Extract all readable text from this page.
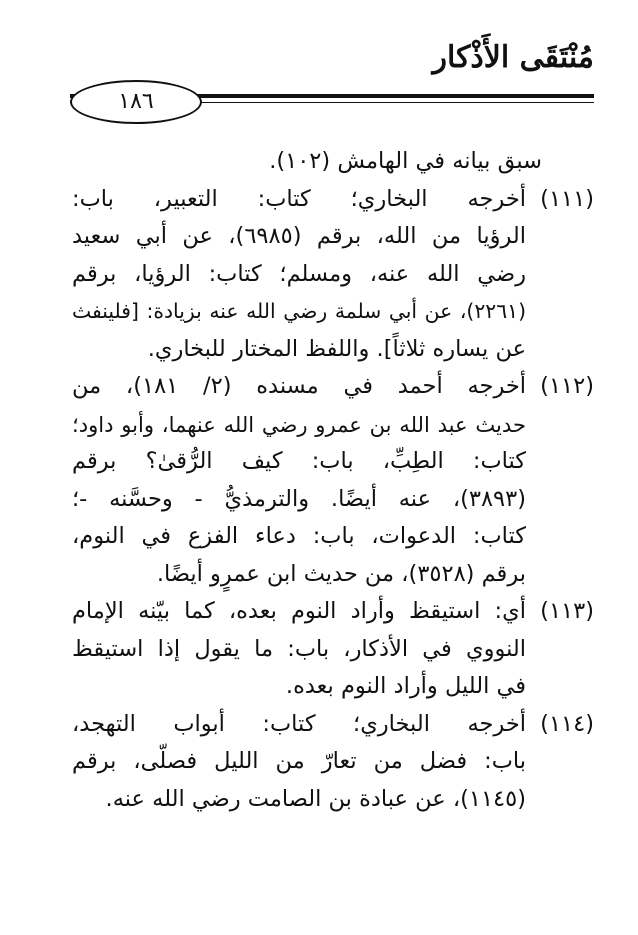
مُنْتَقَى الأَذْكار
١٨٦
سبق بيانه في الهامش (١٠٢).
(١١١)
أخرجه البخاري؛ كتاب: التعبير، باب:
الرؤيا من الله، برقم (٦٩٨٥)، عن أبي سعيد
رضي الله عنه، ومسلم؛ كتاب: الرؤيا، برقم
(٢٢٦١)، عن أبي سلمة رضي الله عنه بزيادة: [فلينفث
عن يساره ثلاثاً]. واللفظ المختار للبخاري.
(١١٢)
أخرجه أحمد في مسنده (٢/ ١٨١)، من
حديث عبد الله بن عمرو رضي الله عنهما، وأبو داود؛
كتاب: الطِبِّ، باب: كيف الرُّقىٰ؟ برقم
(٣٨٩٣)، عنه أيضًا. والترمذيُّ - وحسَّنه -؛
كتاب: الدعوات، باب: دعاء الفزع في النوم،
برقم (٣٥٢٨)، من حديث ابن عمرٍو أيضًا.
(١١٣)
أي: استيقظ وأراد النوم بعده، كما بيّنه الإمام
النووي في الأذكار، باب: ما يقول إذا استيقظ
في الليل وأراد النوم بعده.
(١١٤)
أخرجه البخاري؛ كتاب: أبواب التهجد،
باب: فضل من تعارّ من الليل فصلّى، برقم
(١١٤٥)، عن عبادة بن الصامت رضي الله عنه.
